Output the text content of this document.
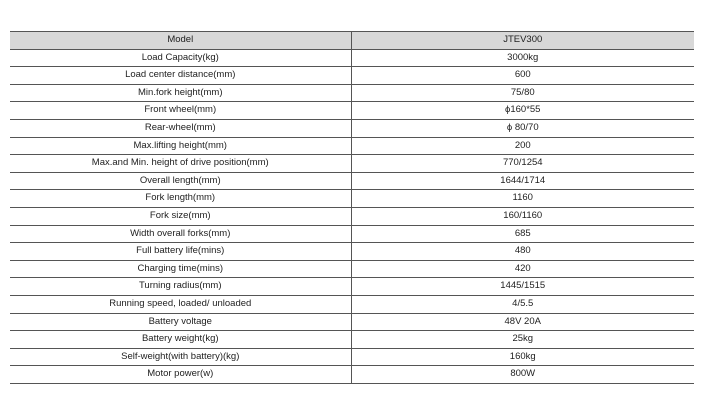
Model	JTEV300
Load Capacity(kg)	3000kg
Load center distance(mm)	600
Min.fork height(mm)	75/80
Front wheel(mm)	ϕ160*55
Rear-wheel(mm)	ϕ 80/70
Max.lifting height(mm)	200
Max.and Min. height of drive position(mm)	770/1254
Overall length(mm)	1644/1714
Fork length(mm)	1160
Fork size(mm)	160/1160
Width overall forks(mm)	685
Full battery life(mins)	480
Charging time(mins)	420
Turning radius(mm)	1445/1515
Running speed, loaded/ unloaded	4/5.5
Battery voltage	48V 20A
Battery weight(kg)	25kg
Self-weight(with battery)(kg)	160kg
Motor power(w)	800W
